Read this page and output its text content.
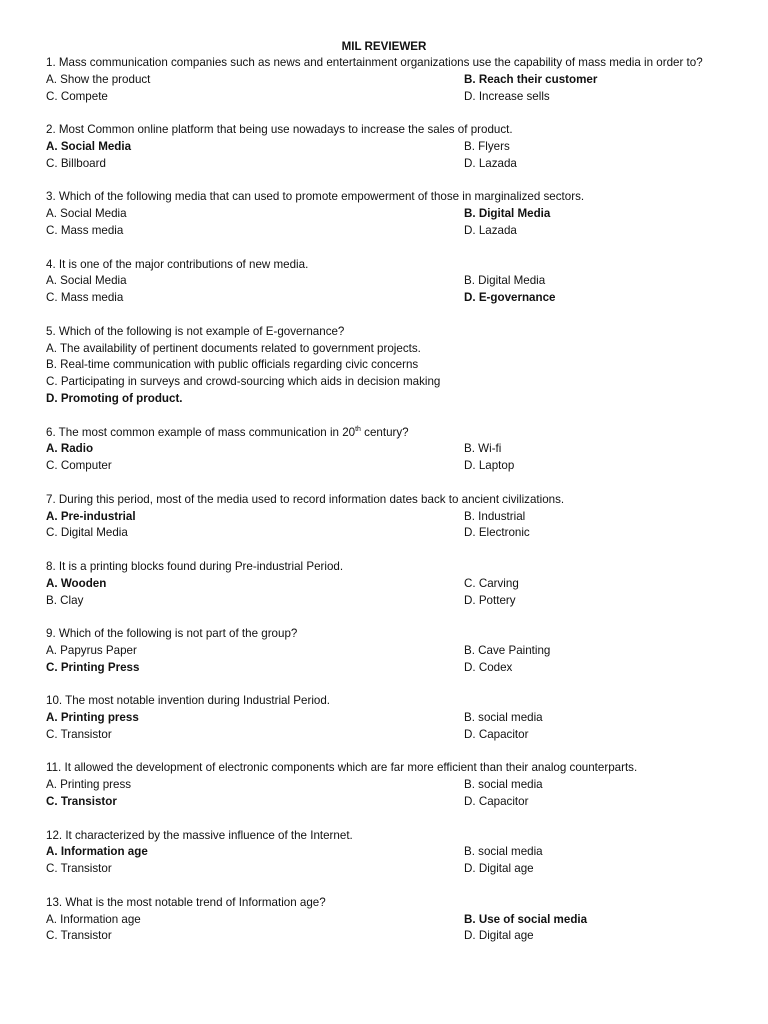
MIL REVIEWER
1. Mass communication companies such as news and entertainment organizations use the capability of mass media in order to?
A. Show the product	B. Reach their customer
C. Compete	D. Increase sells
2. Most Common online platform that being use nowadays to increase the sales of product.
A. Social Media	B. Flyers
C. Billboard	D. Lazada
3. Which of the following media that can used to promote empowerment of those in marginalized sectors.
A. Social Media	B. Digital Media
C. Mass media	D. Lazada
4. It is one of the major contributions of new media.
A. Social Media	B. Digital Media
C. Mass media	D. E-governance
5. Which of the following is not example of E-governance?
A. The availability of pertinent documents related to government projects.
B. Real-time communication with public officials regarding civic concerns
C. Participating in surveys and crowd-sourcing which aids in decision making
D. Promoting of product.
6. The most common example of mass communication in 20th century?
A. Radio	B. Wi-fi
C. Computer	D. Laptop
7. During this period, most of the media used to record information dates back to ancient civilizations.
A. Pre-industrial	B. Industrial
C. Digital Media	D. Electronic
8. It is a printing blocks found during Pre-industrial Period.
A. Wooden	C. Carving
B. Clay	D. Pottery
9. Which of the following is not part of the group?
A. Papyrus Paper	B. Cave Painting
C. Printing Press	D. Codex
10. The most notable invention during Industrial Period.
A. Printing press	B. social media
C. Transistor	D. Capacitor
11. It allowed the development of electronic components which are far more efficient than their analog counterparts.
A. Printing press	B. social media
C. Transistor	D. Capacitor
12. It characterized by the massive influence of the Internet.
A. Information age	B. social media
C. Transistor	D. Digital age
13. What is the most notable trend of Information age?
A. Information age	B. Use of social media
C. Transistor	D. Digital age
